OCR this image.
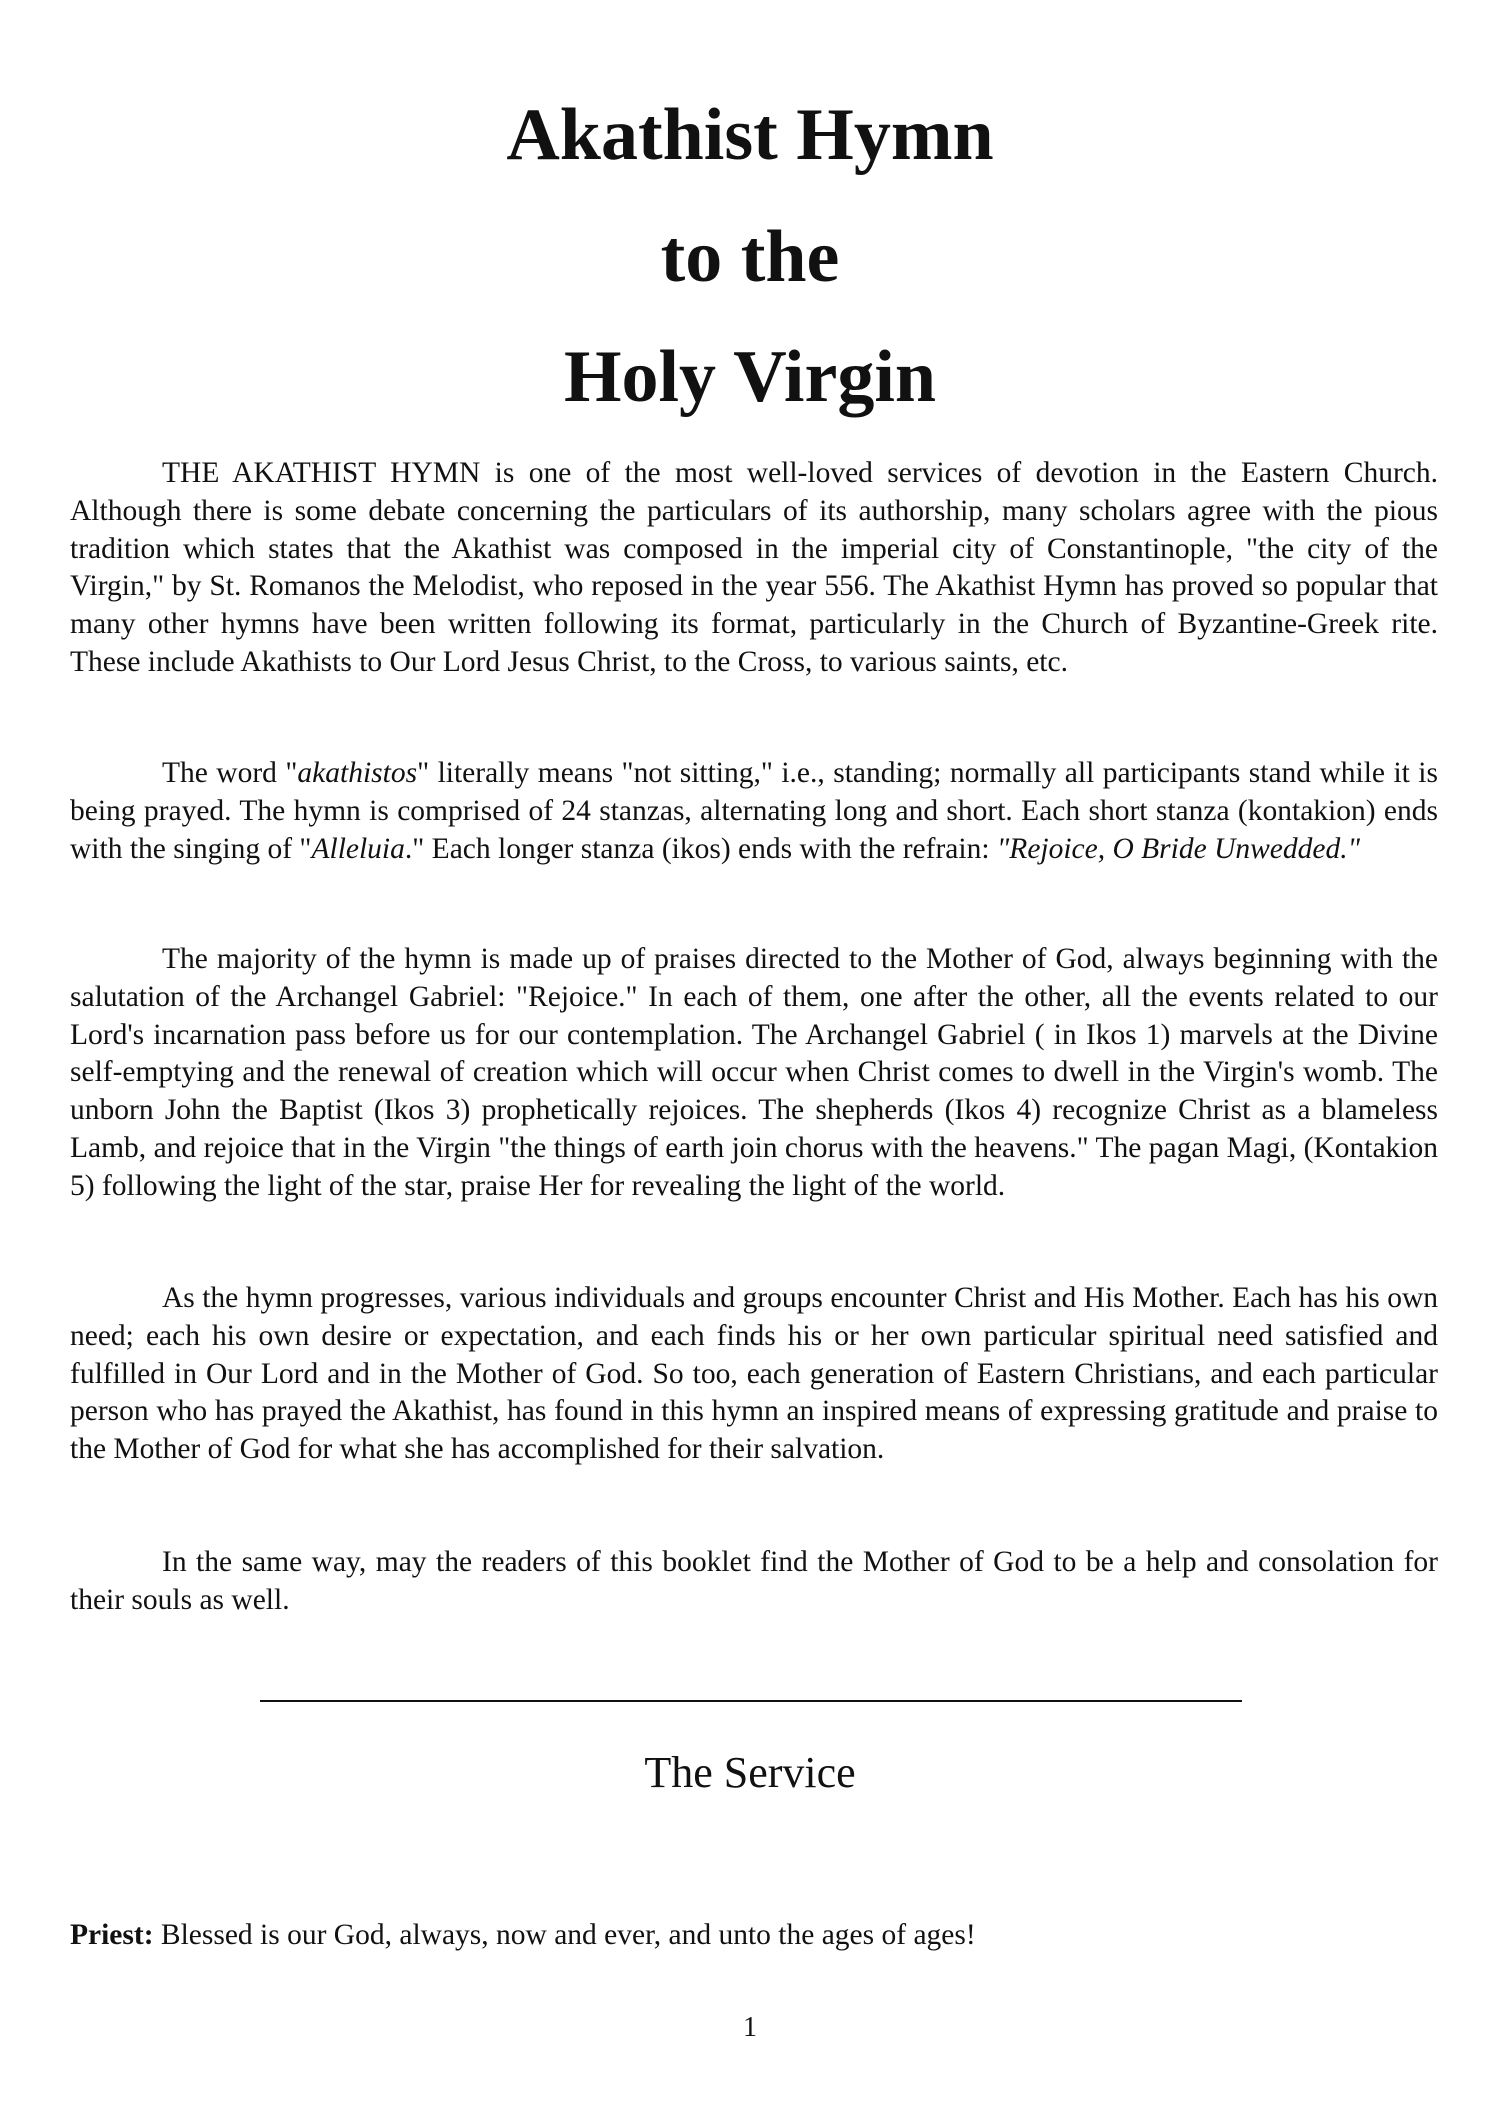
Akathist Hymn
to the
Holy Virgin

THE AKATHIST HYMN is one of the most well-loved services of devotion in the Eastern Church. Although there is some debate concerning the particulars of its authorship, many scholars agree with the pious tradition which states that the Akathist was composed in the imperial city of Constantinople, "the city of the Virgin," by St. Romanos the Melodist, who reposed in the year 556. The Akathist Hymn has proved so popular that many other hymns have been written following its format, particularly in the Church of Byzantine-Greek rite. These include Akathists to Our Lord Jesus Christ, to the Cross, to various saints, etc.

The word "akathistos" literally means "not sitting," i.e., standing; normally all participants stand while it is being prayed. The hymn is comprised of 24 stanzas, alternating long and short. Each short stanza (kontakion) ends with the singing of "Alleluia." Each longer stanza (ikos) ends with the refrain: "Rejoice, O Bride Unwedded."

The majority of the hymn is made up of praises directed to the Mother of God, always beginning with the salutation of the Archangel Gabriel: "Rejoice." In each of them, one after the other, all the events related to our Lord's incarnation pass before us for our contemplation. The Archangel Gabriel ( in Ikos 1) marvels at the Divine self-emptying and the renewal of creation which will occur when Christ comes to dwell in the Virgin's womb. The unborn John the Baptist (Ikos 3) prophetically rejoices. The shepherds (Ikos 4) recognize Christ as a blameless Lamb, and rejoice that in the Virgin "the things of earth join chorus with the heavens." The pagan Magi, (Kontakion 5) following the light of the star, praise Her for revealing the light of the world.

As the hymn progresses, various individuals and groups encounter Christ and His Mother. Each has his own need; each his own desire or expectation, and each finds his or her own particular spiritual need satisfied and fulfilled in Our Lord and in the Mother of God. So too, each generation of Eastern Christians, and each particular person who has prayed the Akathist, has found in this hymn an inspired means of expressing gratitude and praise to the Mother of God for what she has accomplished for their salvation.

In the same way, may the readers of this booklet find the Mother of God to be a help and consolation for their souls as well.

The Service

Priest: Blessed is our God, always, now and ever, and unto the ages of ages!

1
